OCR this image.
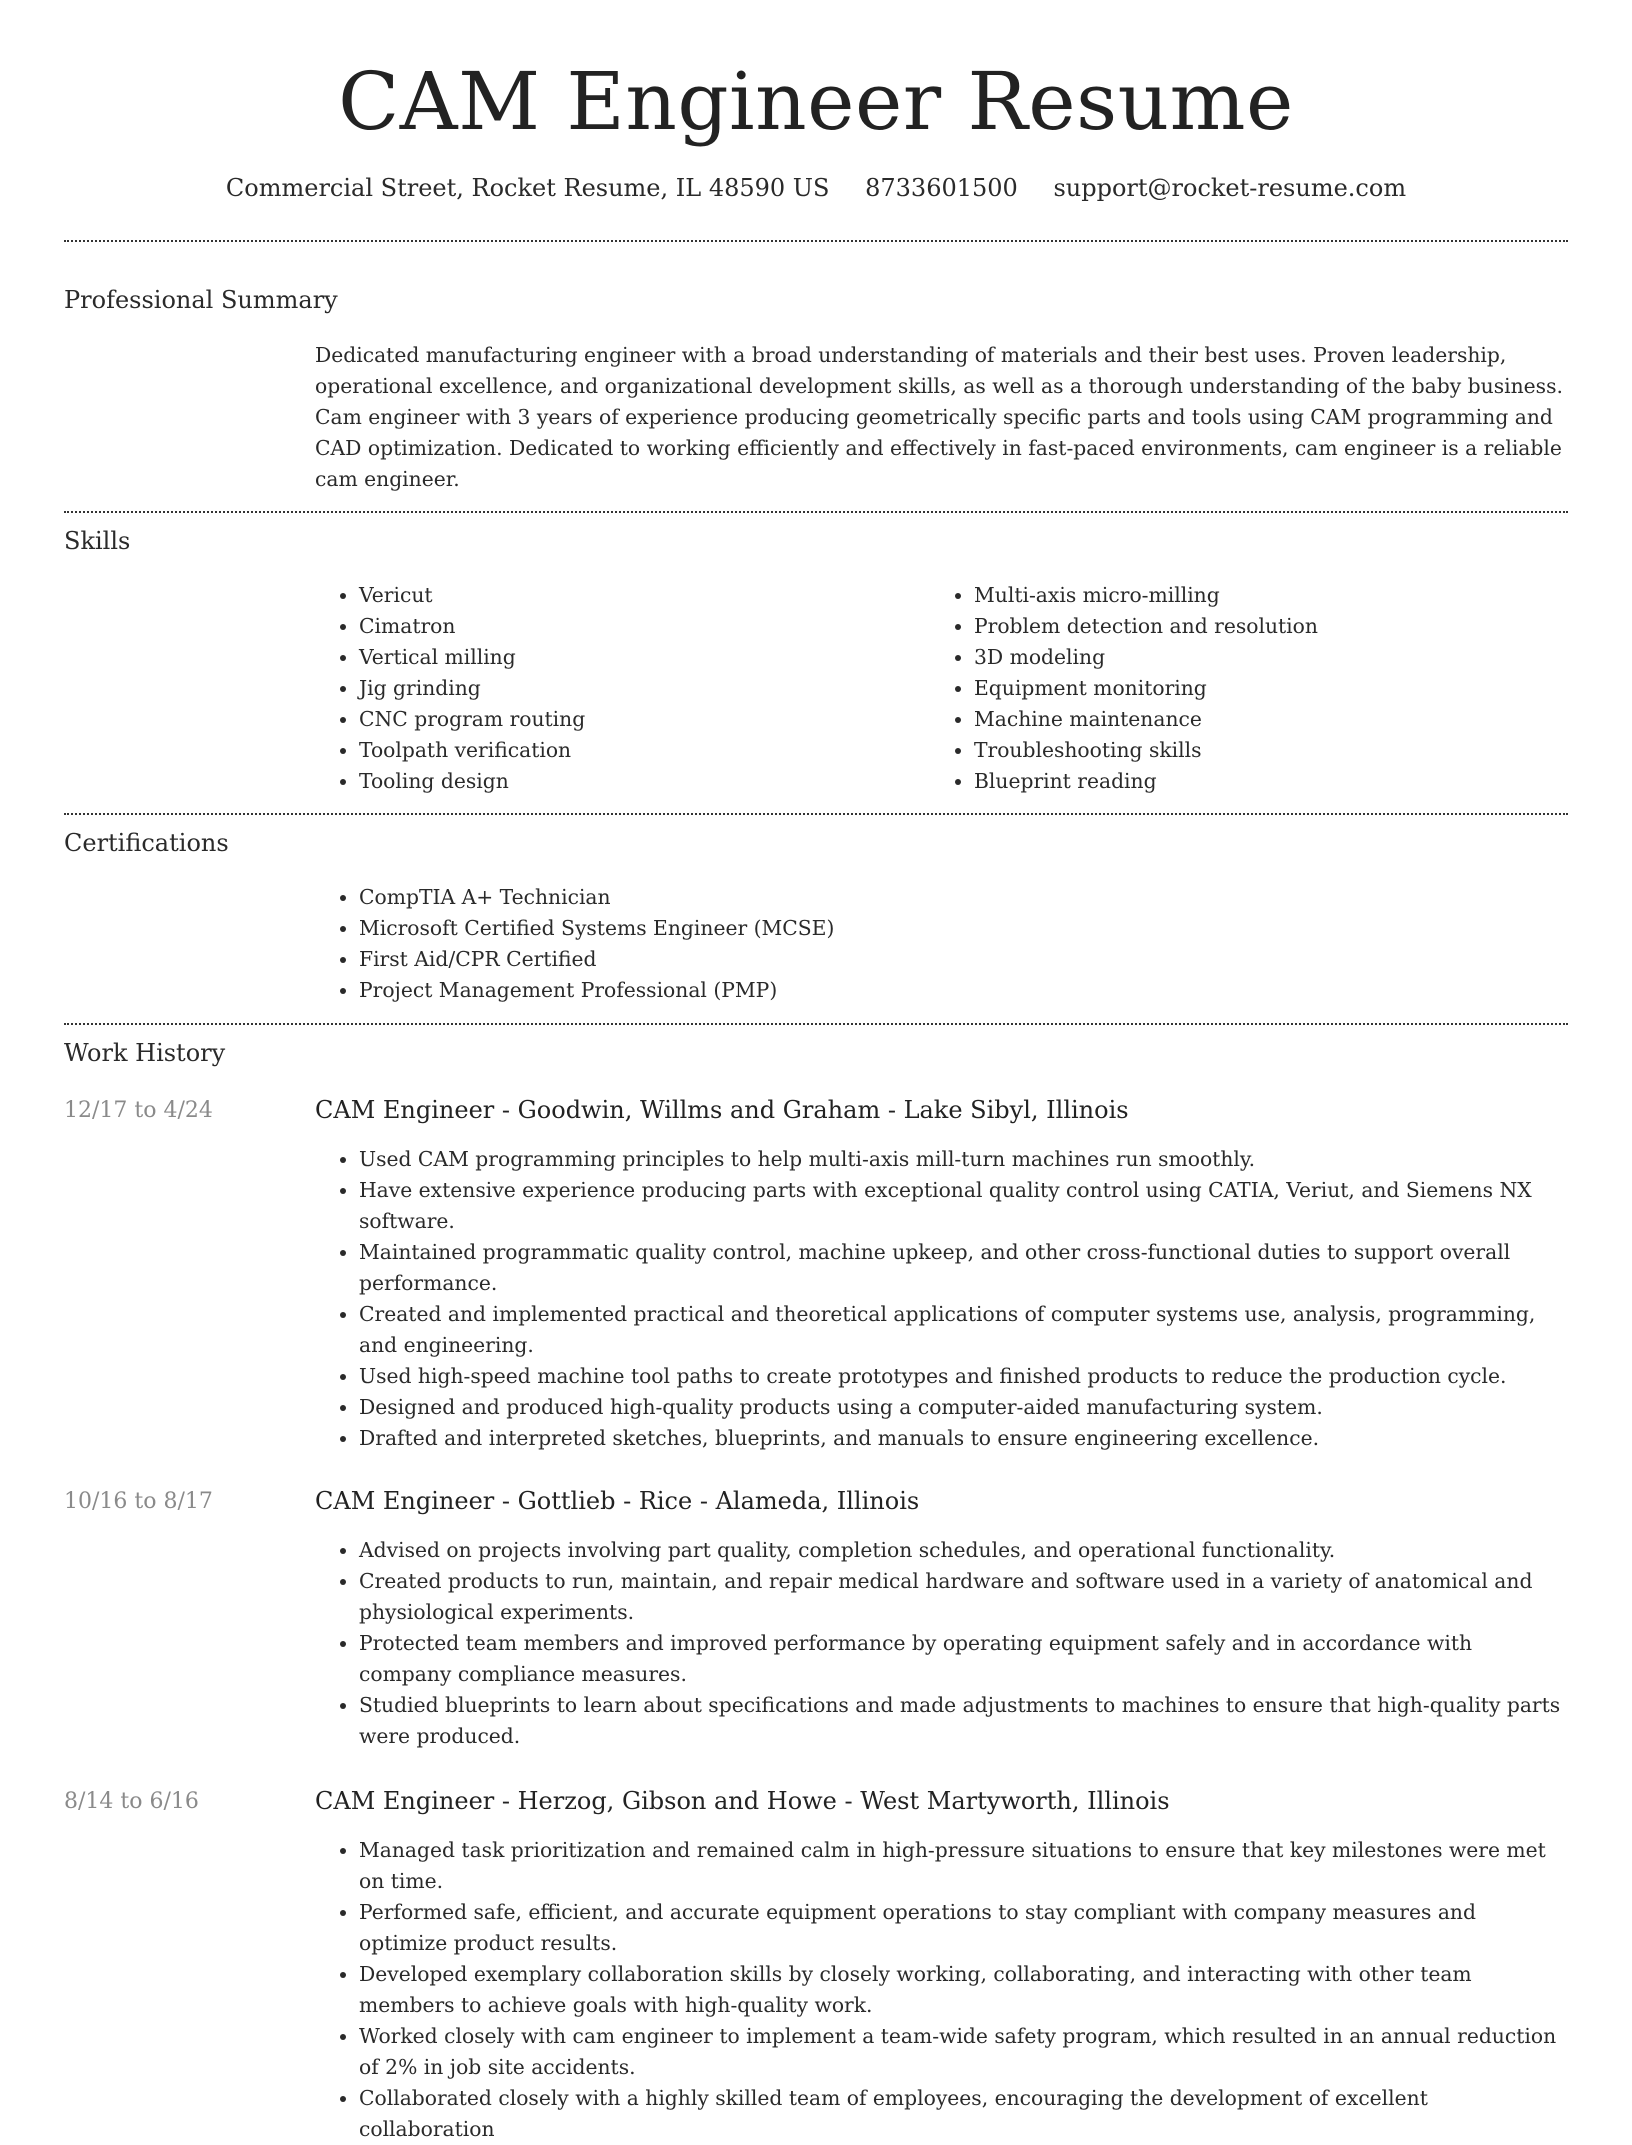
CAM Engineer Resume
Commercial Street, Rocket Resume, IL 48590 US 8733601500 support@rocket-resume.com
Professional Summary

Dedicated manufacturing engineer with a broad understanding of materials and their best uses. Proven leadership, operational excellence, and organizational development skills, as well as a thorough understanding of the baby business. Cam engineer with 3 years of experience producing geometrically specific parts and tools using CAM programming and CAD optimization. Dedicated to working efficiently and effectively in fast-paced environments, cam engineer is a reliable cam engineer.

Skills
• Vericut
• Cimatron
• Vertical milling
• Jig grinding
• CNC program routing
• Toolpath verification
• Tooling design
• Multi-axis micro-milling
• Problem detection and resolution
• 3D modeling
• Equipment monitoring
• Machine maintenance
• Troubleshooting skills
• Blueprint reading
Certifications
• CompTIA A+ Technician
• Microsoft Certified Systems Engineer (MCSE)
• First Aid/CPR Certified
• Project Management Professional (PMP)
Work History
12/17 to 4/24	CAM Engineer - Goodwin, Willms and Graham - Lake Sibyl, Illinois
• Used CAM programming principles to help multi-axis mill-turn machines run smoothly.
• Have extensive experience producing parts with exceptional quality control using CATIA, Veriut, and Siemens NX software.
• Maintained programmatic quality control, machine upkeep, and other cross-functional duties to support overall performance.
• Created and implemented practical and theoretical applications of computer systems use, analysis, programming, and engineering.
• Used high-speed machine tool paths to create prototypes and finished products to reduce the production cycle.
• Designed and produced high-quality products using a computer-aided manufacturing system.
• Drafted and interpreted sketches, blueprints, and manuals to ensure engineering excellence.
10/16 to 8/17	CAM Engineer - Gottlieb - Rice - Alameda, Illinois
• Advised on projects involving part quality, completion schedules, and operational functionality.
• Created products to run, maintain, and repair medical hardware and software used in a variety of anatomical and physiological experiments.
• Protected team members and improved performance by operating equipment safely and in accordance with company compliance measures.
• Studied blueprints to learn about specifications and made adjustments to machines to ensure that high-quality parts were produced.
8/14 to 6/16	CAM Engineer - Herzog, Gibson and Howe - West Martyworth, Illinois
• Managed task prioritization and remained calm in high-pressure situations to ensure that key milestones were met on time.
• Performed safe, efficient, and accurate equipment operations to stay compliant with company measures and optimize product results.
• Developed exemplary collaboration skills by closely working, collaborating, and interacting with other team members to achieve goals with high-quality work.
• Worked closely with cam engineer to implement a team-wide safety program, which resulted in an annual reduction of 2% in job site accidents.
• Collaborated closely with a highly skilled team of employees, encouraging the development of excellent collaboration
